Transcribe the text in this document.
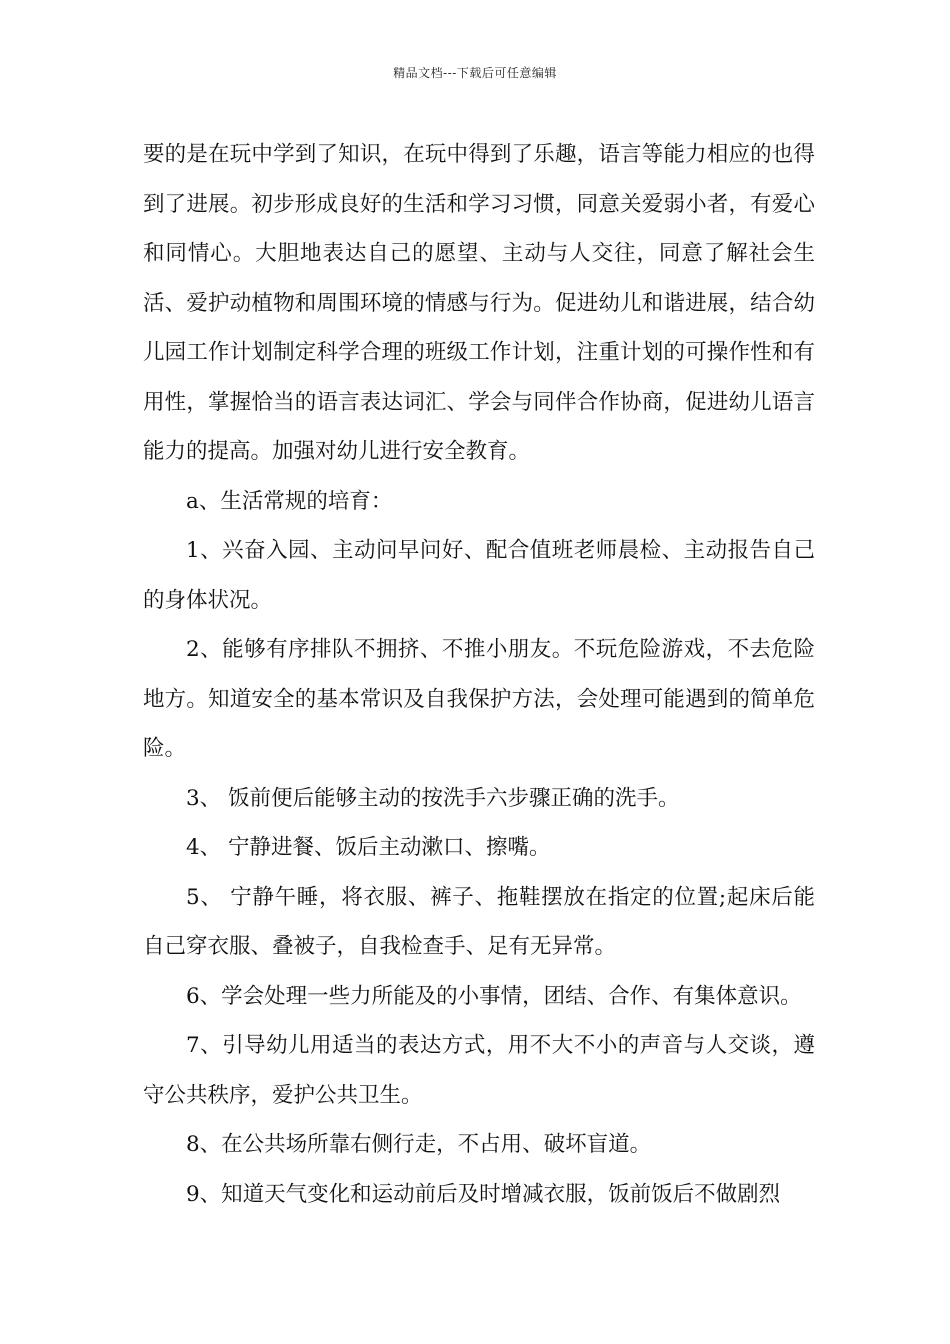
精品文档---下载后可任意编辑

要的是在玩中学到了知识，在玩中得到了乐趣，语言等能力相应的也得到了进展。初步形成良好的生活和学习习惯，同意关爱弱小者，有爱心和同情心。大胆地表达自己的愿望、主动与人交往，同意了解社会生活、爱护动植物和周围环境的情感与行为。促进幼儿和谐进展，结合幼儿园工作计划制定科学合理的班级工作计划，注重计划的可操作性和有用性，掌握恰当的语言表达词汇、学会与同伴合作协商，促进幼儿语言能力的提高。加强对幼儿进行安全教育。

a、生活常规的培育：

1、兴奋入园、主动问早问好、配合值班老师晨检、主动报告自己的身体状况。

2、能够有序排队不拥挤、不推小朋友。不玩危险游戏，不去危险地方。知道安全的基本常识及自我保护方法，会处理可能遇到的简单危险。

3、 饭前便后能够主动的按洗手六步骤正确的洗手。

4、 宁静进餐、饭后主动漱口、擦嘴。

5、 宁静午睡，将衣服、裤子、拖鞋摆放在指定的位置;起床后能自己穿衣服、叠被子，自我检查手、足有无异常。

6、学会处理一些力所能及的小事情，团结、合作、有集体意识。

7、引导幼儿用适当的表达方式，用不大不小的声音与人交谈，遵守公共秩序，爱护公共卫生。

8、在公共场所靠右侧行走，不占用、破坏盲道。

9、知道天气变化和运动前后及时增减衣服，饭前饭后不做剧烈
